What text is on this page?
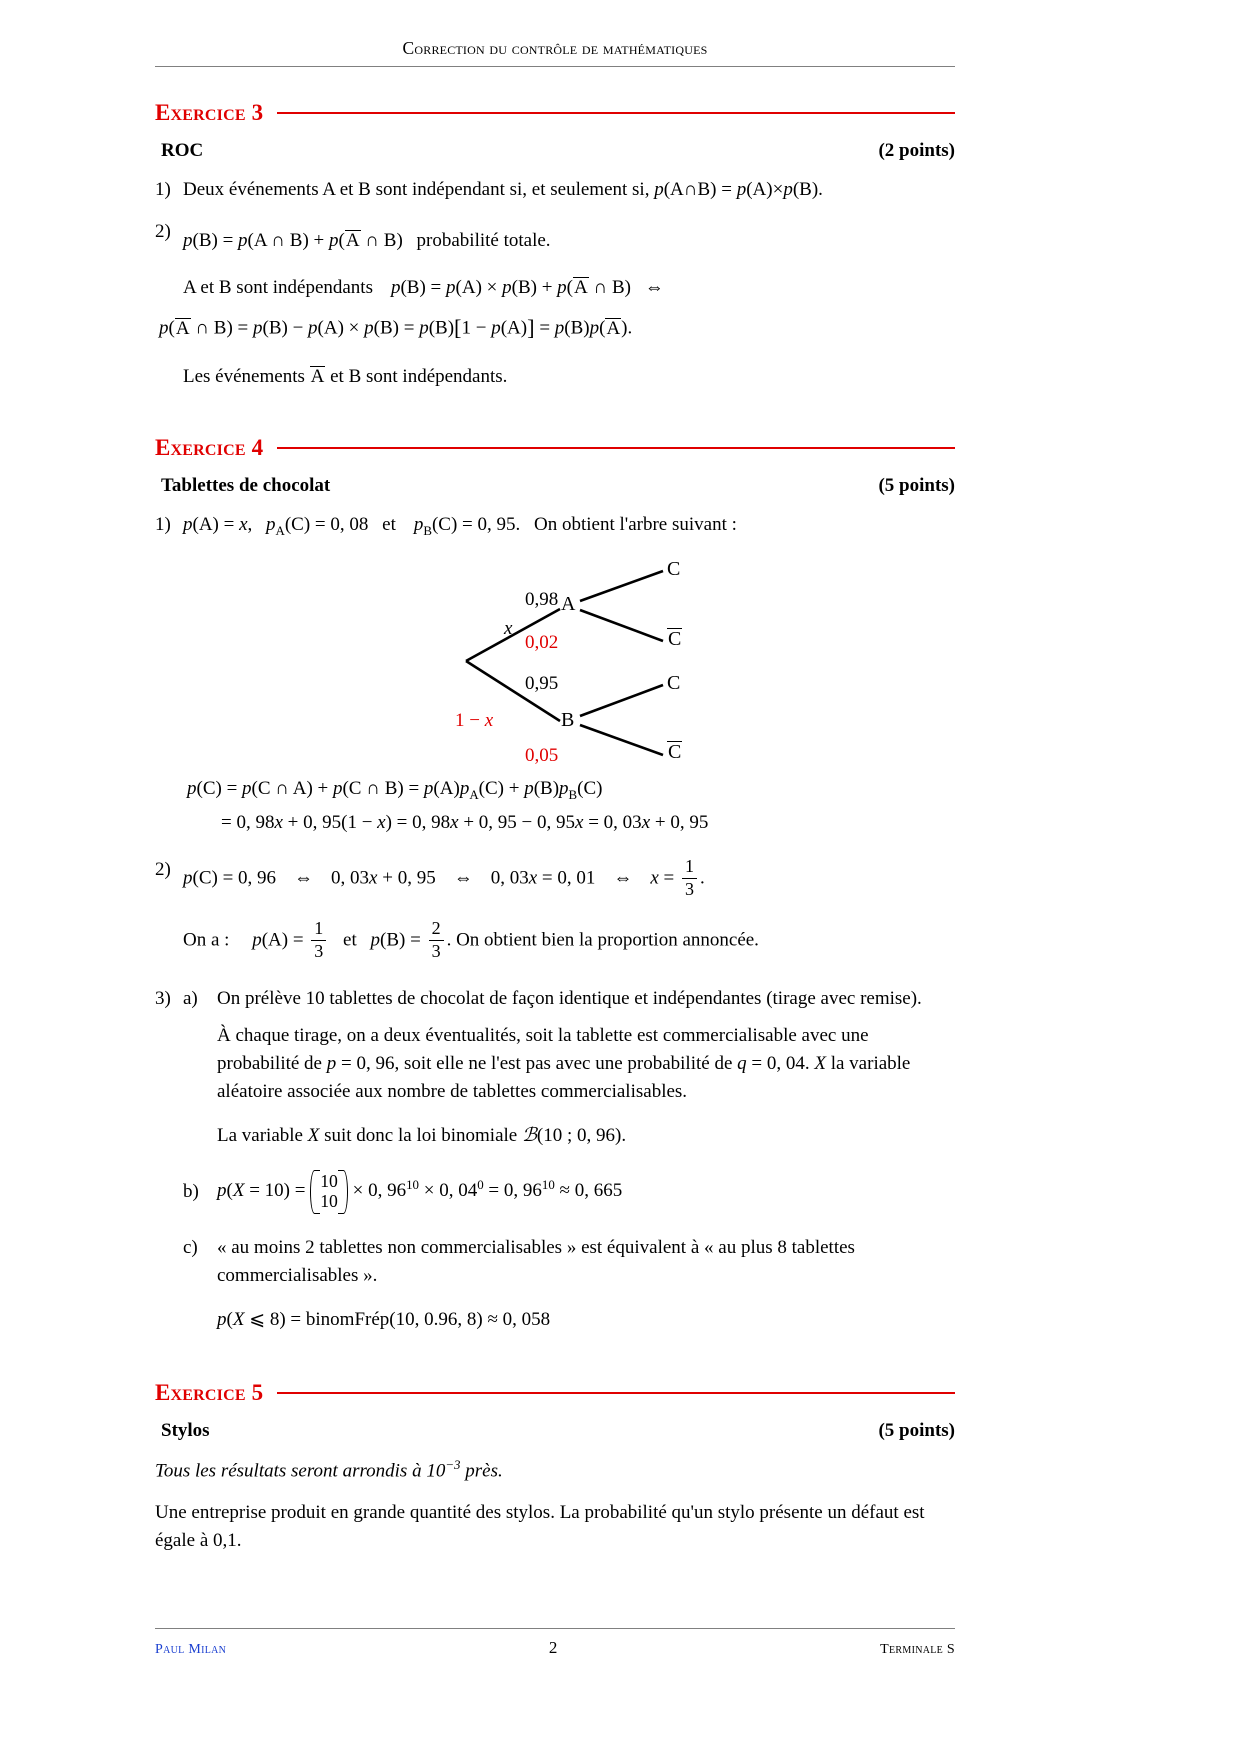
Correction du contrôle de mathématiques
Exercice 3
ROC	(2 points)
1) Deux événements A et B sont indépendant si, et seulement si, p(A∩B) = p(A)×p(B).
2) p(B) = p(A ∩ B) + p(A ∩ B) probabilité totale.
A et B sont indépendants p(B) = p(A) × p(B) + p(A ∩ B) ⇔
p(A ∩ B) = p(B) − p(A) × p(B) = p(B)[1 − p(A)] = p(B)p(A).
Les événements A et B sont indépendants.
Exercice 4
Tablettes de chocolat	(5 points)
1) p(A) = x, $p_A(C) = 0$, 08 et $p_B(C) = 0$, 95. On obtient l'arbre suivant :
0,98
0,02
0,95
0,05
x
1 − x
A
B
C
C
C
C
p(C) = p(C ∩ A) + p(C ∩ $B) = p(A)p_A(C) + p(B)p_B(C)$
= 0, 98x + 0, 95(1 − x) = 0, 98x + 0, 95 − 0, 95x = 0, 03x + 0, 95
2) p(C) = 0, 96 ⇔ 0, 03x + 0, 95 ⇔ 0, 03x = 0, 01 ⇔ $x = \frac{1}{3}$ .
On a : $p(A) = \frac{1}{3}$ et $p(B) = \frac{2}{3}$ . On obtient bien la proportion annoncée.
3) a)	On prélève 10 tablettes de chocolat de façon identique et indépendantes (tirage avec remise).
À chaque tirage, on a deux éventualités, soit la tablette est commercialisable avec une probabilité de p = 0, 96, soit elle ne l'est pas avec une probabilité de q = 0, 04. X la variable aléatoire associée aux nombre de tablettes commercialisables.
La variable X suit donc la loi binomiale ℬ(10 ; 0, 96).
b) p(X = 10) = 10
10 × 0, $96^{10} \times 0$, $04^0 = 0$, $96^{10} \approx 0$, 665
c)	« au moins 2 tablettes non commercialisables » est équivalent à « au plus 8 tablettes commercialisables ».
p(X ⩽ 8) = binomFrép(10, 0.96, 8) ≈ 0, 058
Exercice 5
Stylos	(5 points)
Tous les résultats seront arrondis à $10^{-3}$ près.
Une entreprise produit en grande quantité des stylos. La probabilité qu'un stylo présente un défaut est égale à 0,1.
Paul Milan	2	Terminale S
